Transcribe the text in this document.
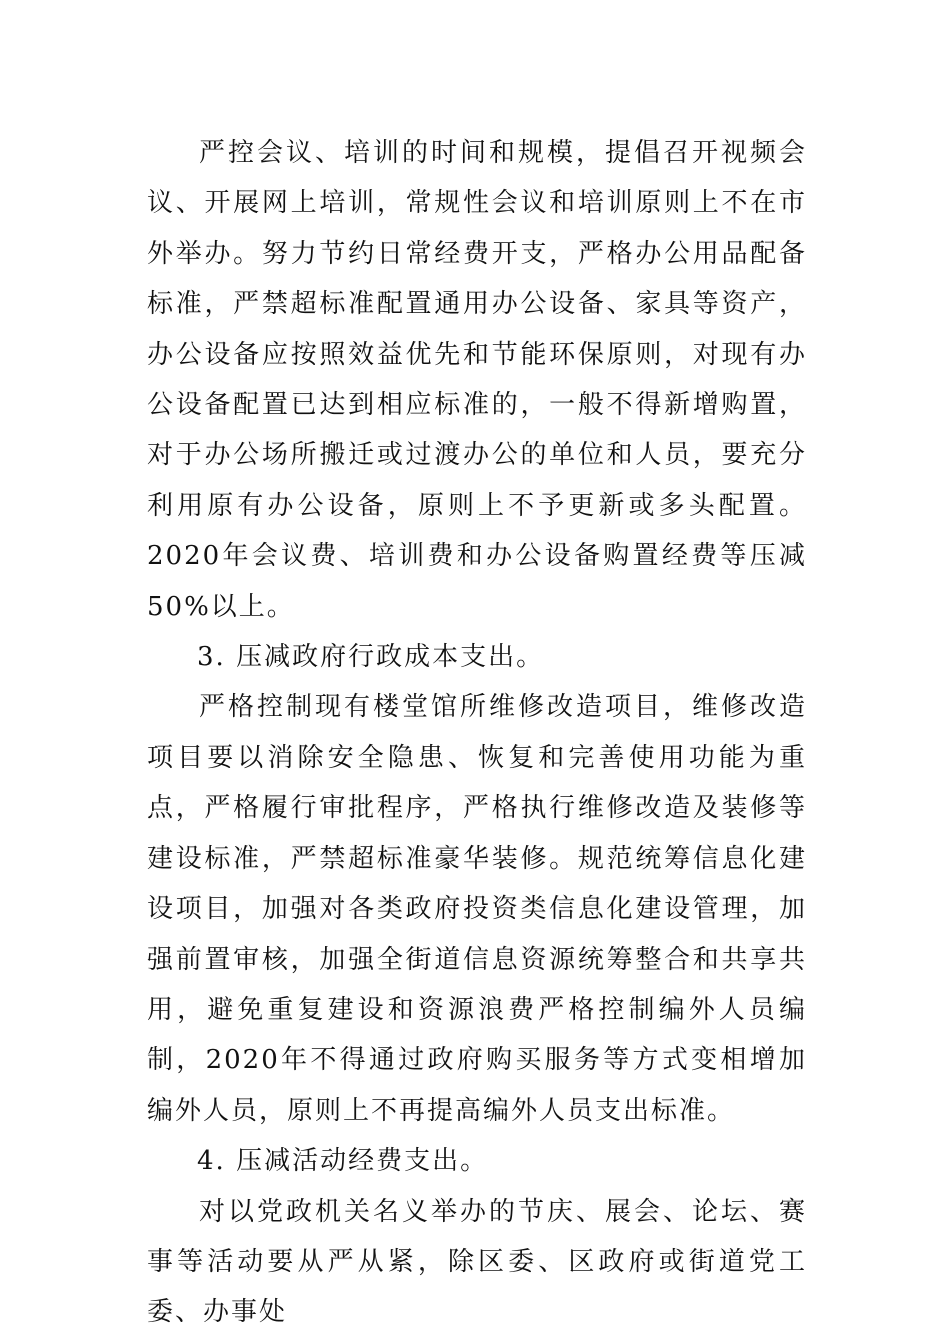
严控会议、培训的时间和规模，提倡召开视频会议、开展网上培训，常规性会议和培训原则上不在市外举办。努力节约日常经费开支，严格办公用品配备标准，严禁超标准配置通用办公设备、家具等资产，办公设备应按照效益优先和节能环保原则，对现有办公设备配置已达到相应标准的，一般不得新增购置，对于办公场所搬迁或过渡办公的单位和人员，要充分利用原有办公设备，原则上不予更新或多头配置。2020年会议费、培训费和办公设备购置经费等压减50%以上。

3. 压减政府行政成本支出。

严格控制现有楼堂馆所维修改造项目，维修改造项目要以消除安全隐患、恢复和完善使用功能为重点，严格履行审批程序，严格执行维修改造及装修等建设标准，严禁超标准豪华装修。规范统筹信息化建设项目，加强对各类政府投资类信息化建设管理，加强前置审核，加强全街道信息资源统筹整合和共享共用，避免重复建设和资源浪费严格控制编外人员编制，2020年不得通过政府购买服务等方式变相增加编外人员，原则上不再提高编外人员支出标准。

4. 压减活动经费支出。

对以党政机关名义举办的节庆、展会、论坛、赛事等活动要从严从紧，除区委、区政府或街道党工委、办事处
